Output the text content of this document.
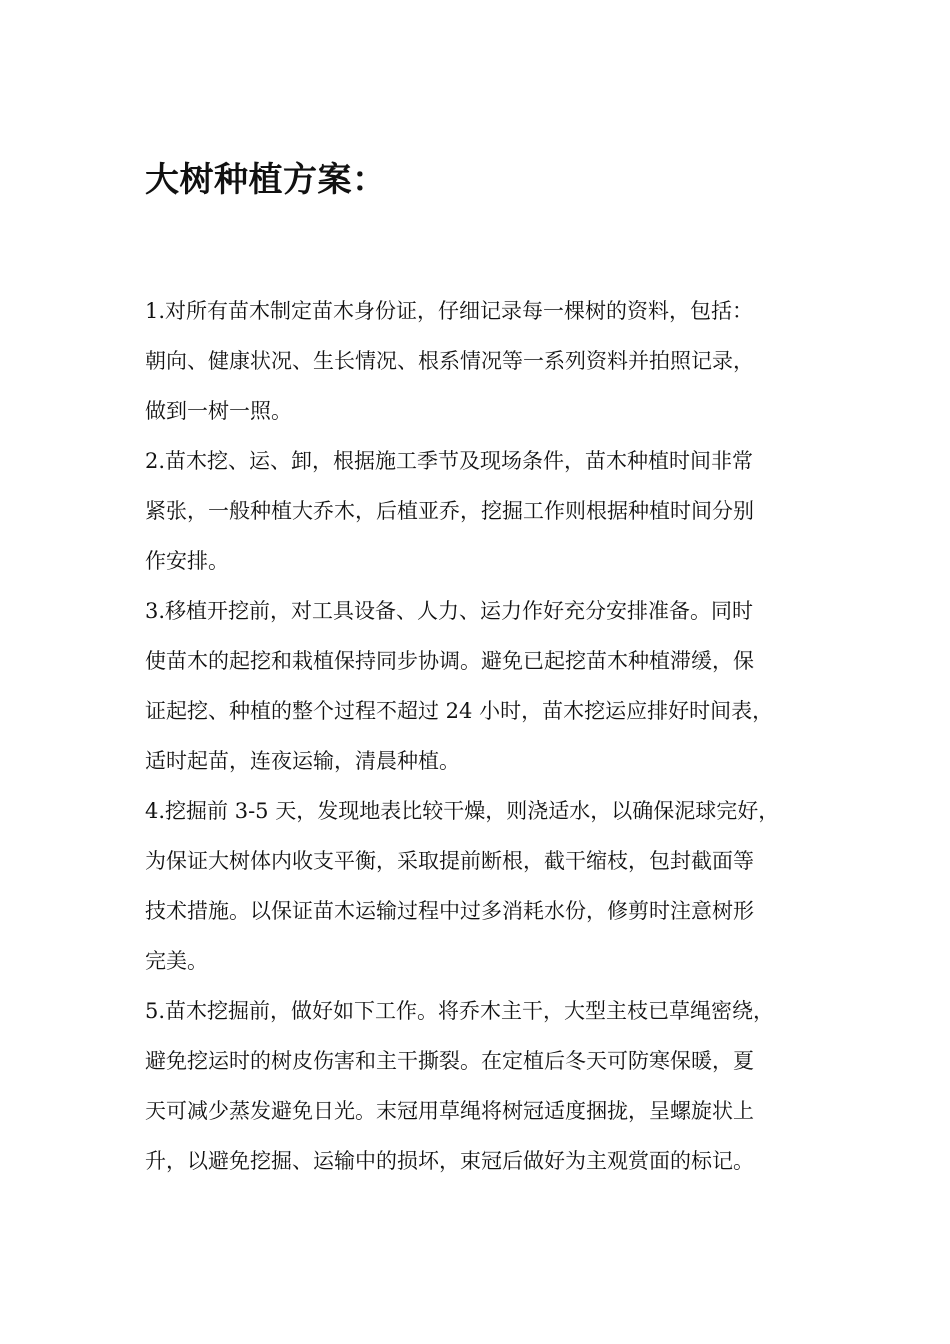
大树种植方案：
1.对所有苗木制定苗木身份证，仔细记录每一棵树的资料，包括：
朝向、健康状况、生长情况、根系情况等一系列资料并拍照记录，
做到一树一照。
2.苗木挖、运、卸，根据施工季节及现场条件，苗木种植时间非常
紧张，一般种植大乔木，后植亚乔，挖掘工作则根据种植时间分别
作安排。
3.移植开挖前，对工具设备、人力、运力作好充分安排准备。同时
使苗木的起挖和栽植保持同步协调。避免已起挖苗木种植滞缓，保
证起挖、种植的整个过程不超过 24 小时，苗木挖运应排好时间表，
适时起苗，连夜运输，清晨种植。
4.挖掘前 3-5 天，发现地表比较干燥，则浇适水，以确保泥球完好，
为保证大树体内收支平衡，采取提前断根，截干缩枝，包封截面等
技术措施。以保证苗木运输过程中过多消耗水份，修剪时注意树形
完美。
5.苗木挖掘前，做好如下工作。将乔木主干，大型主枝已草绳密绕，
避免挖运时的树皮伤害和主干撕裂。在定植后冬天可防寒保暖，夏
天可减少蒸发避免日光。末冠用草绳将树冠适度捆拢，呈螺旋状上
升，以避免挖掘、运输中的损坏，束冠后做好为主观赏面的标记。
